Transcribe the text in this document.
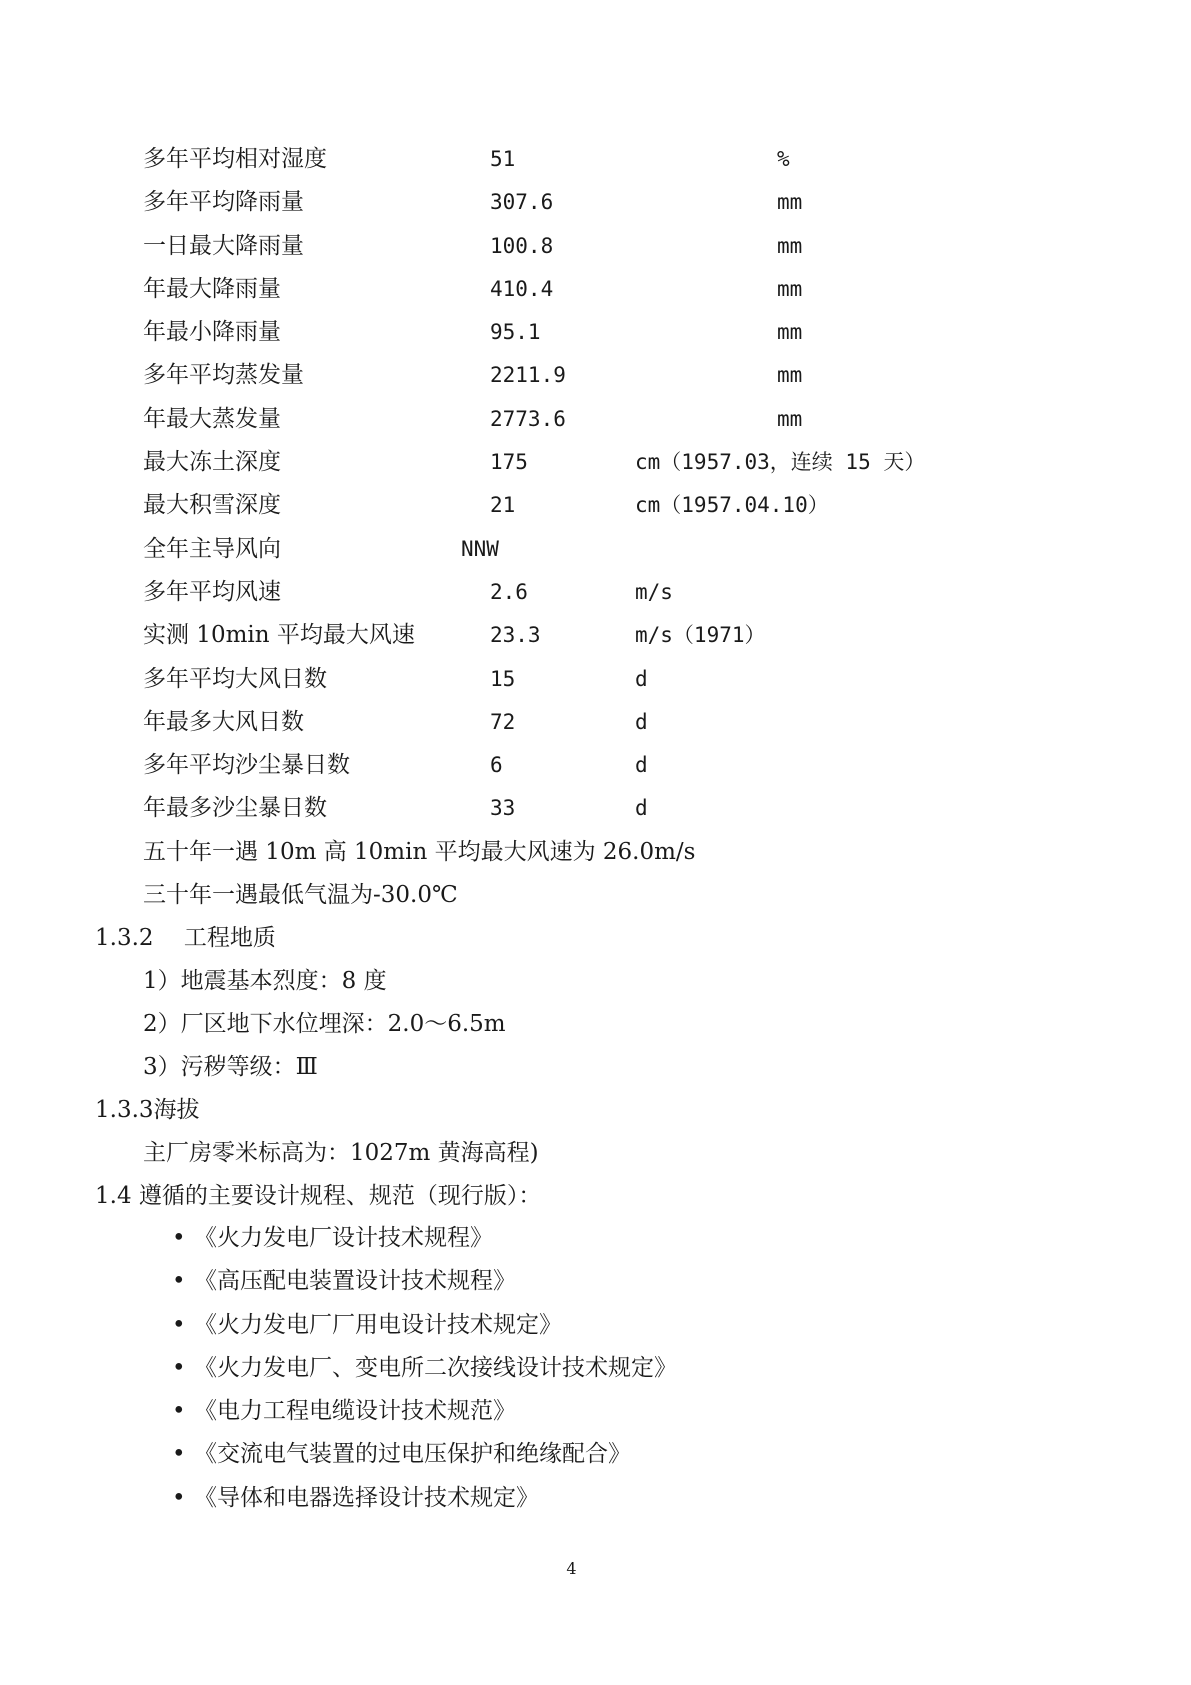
多年平均相对湿度	51	%
多年平均降雨量	307.6	mm
一日最大降雨量	100.8	mm
年最大降雨量	410.4	mm
年最小降雨量	95.1	mm
多年平均蒸发量	2211.9	mm
年最大蒸发量	2773.6	mm
最大冻土深度	175	cm（1957.03，连续 15 天）
最大积雪深度	21	cm（1957.04.10）
全年主导风向	NNW
多年平均风速	2.6	m/s
实测 10min 平均最大风速	23.3	m/s（1971）
多年平均大风日数	15	d
年最多大风日数	72	d
多年平均沙尘暴日数	6	d
年最多沙尘暴日数	33	d
五十年一遇 10m 高 10min 平均最大风速为 26.0m/s
三十年一遇最低气温为-30.0℃
1.3.2　 工程地质
1）地震基本烈度：8 度
2）厂区地下水位埋深：2.0～6.5m
3）污秽等级：Ⅲ
1.3.3海拔
主厂房零米标高为：1027m 黄海高程)
1.4 遵循的主要设计规程、规范（现行版）：
• 《火力发电厂设计技术规程》
• 《高压配电装置设计技术规程》
• 《火力发电厂厂用电设计技术规定》
• 《火力发电厂、变电所二次接线设计技术规定》
• 《电力工程电缆设计技术规范》
• 《交流电气装置的过电压保护和绝缘配合》
• 《导体和电器选择设计技术规定》
4
